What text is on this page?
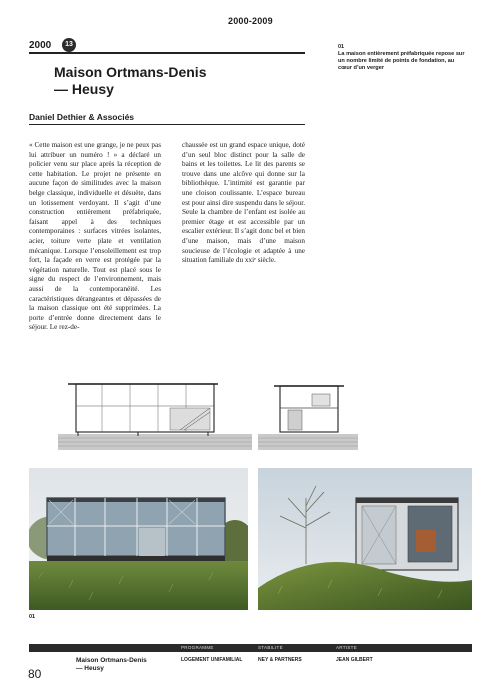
2000-2009
2000	13
Maison Ortmans-Denis
— Heusy
Daniel Dethier & Associés
« Cette maison est une grange, je ne peux pas lui attribuer un numéro ! » a déclaré un policier venu sur place après la réception de cette habitation. Le projet ne présente en aucune façon de similitudes avec la maison belge classique, individuelle et désuète, dans un lotissement verdoyant. Il s’agit d’une construction entièrement préfabriquée, faisant appel à des techniques contemporaines : surfaces vitrées isolantes, acier, toiture verte plate et ventilation mécanique. Lorsque l’ensoleillement est trop fort, la façade en verre est protégée par la végétation naturelle. Tout est placé sous le signe du respect de l’environnement, mais aussi de la contemporanéité. Les caractéristiques dérangeantes et dépassées de la maison classique ont été supprimées. La porte d’entrée donne directement dans le séjour. Le rez-de-
chaussée est un grand espace unique, doté d’un seul bloc distinct pour la salle de bains et les toilettes. Le lit des parents se trouve dans une alcôve qui donne sur la bibliothèque. L’intimité est garantie par une cloison coulissante. L’espace bureau est pour ainsi dire suspendu dans le séjour. Seule la chambre de l’enfant est isolée au premier étage et est accessible par un escalier extérieur. Il s’agit donc bel et bien d’une maison, mais d’une maison soucieuse de l’écologie et adaptée à une situation familiale du xxiᵉ siècle.
01
La maison entièrement préfabriquée repose sur un nombre limité de points de fondation, au cœur d’un verger
01
PROGRAMME	STABILITÉ	ARTISTE
Maison Ortmans-Denis
— Heusy
LOGEMENT UNIFAMILIAL	NEY & PARTNERS	JEAN GILBERT
80
